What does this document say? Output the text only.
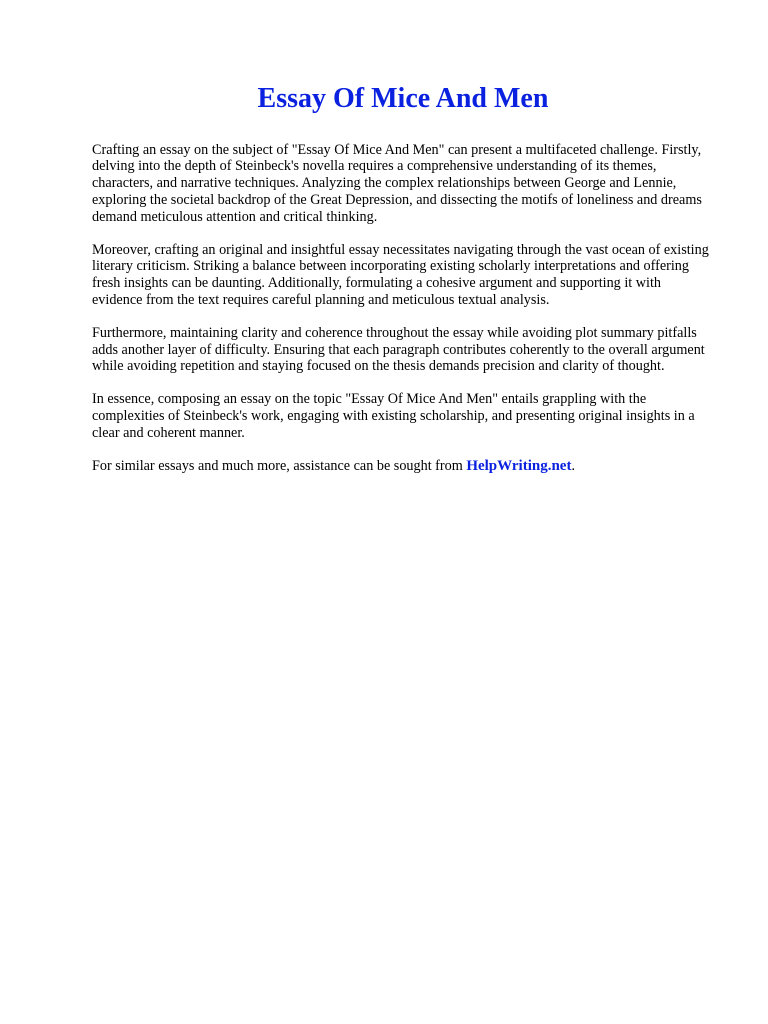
Essay Of Mice And Men

Crafting an essay on the subject of "Essay Of Mice And Men" can present a multifaceted challenge. Firstly, delving into the depth of Steinbeck's novella requires a comprehensive understanding of its themes, characters, and narrative techniques. Analyzing the complex relationships between George and Lennie, exploring the societal backdrop of the Great Depression, and dissecting the motifs of loneliness and dreams demand meticulous attention and critical thinking.

Moreover, crafting an original and insightful essay necessitates navigating through the vast ocean of existing literary criticism. Striking a balance between incorporating existing scholarly interpretations and offering fresh insights can be daunting. Additionally, formulating a cohesive argument and supporting it with evidence from the text requires careful planning and meticulous textual analysis.

Furthermore, maintaining clarity and coherence throughout the essay while avoiding plot summary pitfalls adds another layer of difficulty. Ensuring that each paragraph contributes coherently to the overall argument while avoiding repetition and staying focused on the thesis demands precision and clarity of thought.

In essence, composing an essay on the topic "Essay Of Mice And Men" entails grappling with the complexities of Steinbeck's work, engaging with existing scholarship, and presenting original insights in a clear and coherent manner.

For similar essays and much more, assistance can be sought from HelpWriting.net.
